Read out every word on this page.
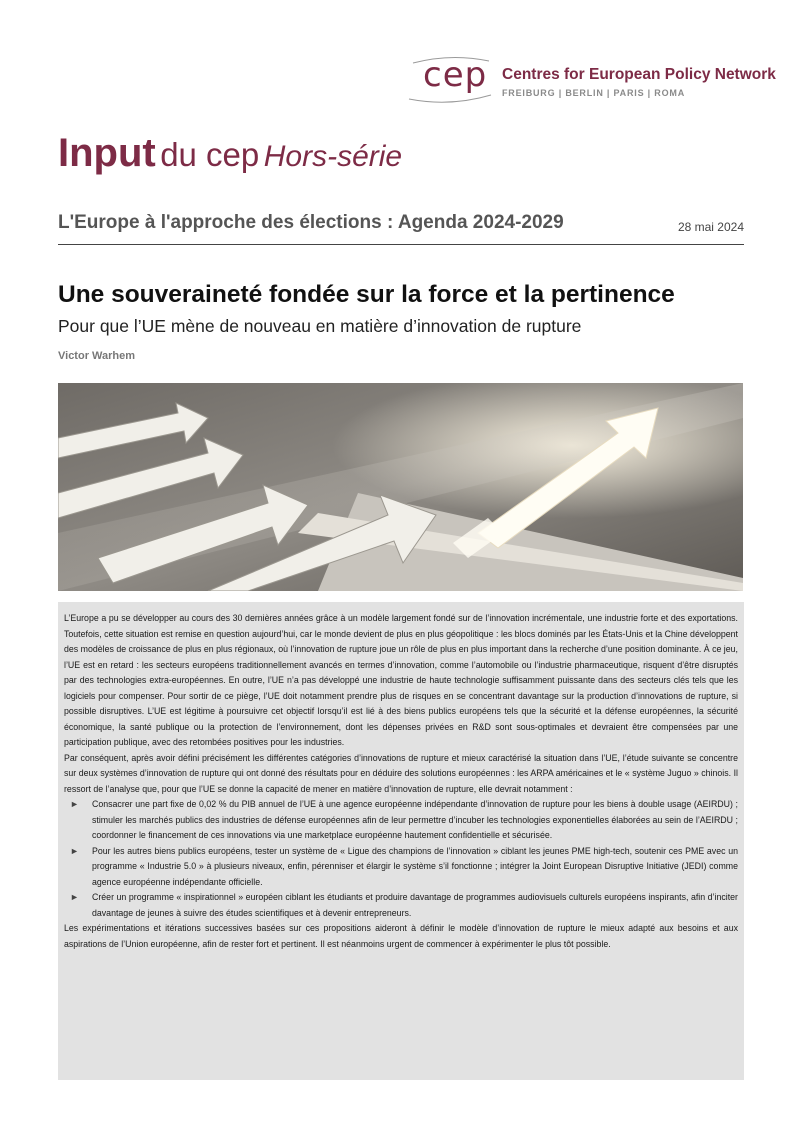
cep Centres for European Policy Network
FREIBURG | BERLIN | PARIS | ROMA
Input du cep Hors-série
L'Europe à l'approche des élections : Agenda 2024-2029	28 mai 2024
Une souveraineté fondée sur la force et la pertinence
Pour que l’UE mène de nouveau en matière d’innovation de rupture
Victor Warhem

L’Europe a pu se développer au cours des 30 dernières années grâce à un modèle largement fondé sur de l’innovation incrémentale, une industrie forte et des exportations. Toutefois, cette situation est remise en question aujourd’hui, car le monde devient de plus en plus géopolitique : les blocs dominés par les États-Unis et la Chine développent des modèles de croissance de plus en plus régionaux, où l’innovation de rupture joue un rôle de plus en plus important dans la recherche d’une position dominante. À ce jeu, l’UE est en retard : les secteurs européens traditionnellement avancés en termes d’innovation, comme l’automobile ou l’industrie pharmaceutique, risquent d’être disruptés par des technologies extra-européennes. En outre, l’UE n’a pas développé une industrie de haute technologie suffisamment puissante dans des secteurs clés tels que les logiciels pour compenser. Pour sortir de ce piège, l’UE doit notamment prendre plus de risques en se concentrant davantage sur la production d’innovations de rupture, si possible disruptives. L’UE est légitime à poursuivre cet objectif lorsqu’il est lié à des biens publics européens tels que la sécurité et la défense européennes, la sécurité économique, la santé publique ou la protection de l’environnement, dont les dépenses privées en R&D sont sous-optimales et devraient être compensées par une participation publique, avec des retombées positives pour les industries.

Par conséquent, après avoir défini précisément les différentes catégories d’innovations de rupture et mieux caractérisé la situation dans l’UE, l’étude suivante se concentre sur deux systèmes d’innovation de rupture qui ont donné des résultats pour en déduire des solutions européennes : les ARPA américaines et le « système Juguo » chinois. Il ressort de l’analyse que, pour que l’UE se donne la capacité de mener en matière d’innovation de rupture, elle devrait notamment :

► Consacrer une part fixe de 0,02 % du PIB annuel de l’UE à une agence européenne indépendante d’innovation de rupture pour les biens à double usage (AEIRDU) ; stimuler les marchés publics des industries de défense européennes afin de leur permettre d’incuber les technologies exponentielles élaborées au sein de l’AEIRDU ; coordonner le financement de ces innovations via une marketplace européenne hautement confidentielle et sécurisée.
► Pour les autres biens publics européens, tester un système de « Ligue des champions de l’innovation » ciblant les jeunes PME high-tech, soutenir ces PME avec un programme « Industrie 5.0 » à plusieurs niveaux, enfin, pérenniser et élargir le système s’il fonctionne ; intégrer la Joint European Disruptive Initiative (JEDI) comme agence européenne indépendante officielle.
► Créer un programme « inspirationnel » européen ciblant les étudiants et produire davantage de programmes audiovisuels culturels européens inspirants, afin d’inciter davantage de jeunes à suivre des études scientifiques et à devenir entrepreneurs.

Les expérimentations et itérations successives basées sur ces propositions aideront à définir le modèle d’innovation de rupture le mieux adapté aux besoins et aux aspirations de l’Union européenne, afin de rester fort et pertinent. Il est néanmoins urgent de commencer à expérimenter le plus tôt possible.
